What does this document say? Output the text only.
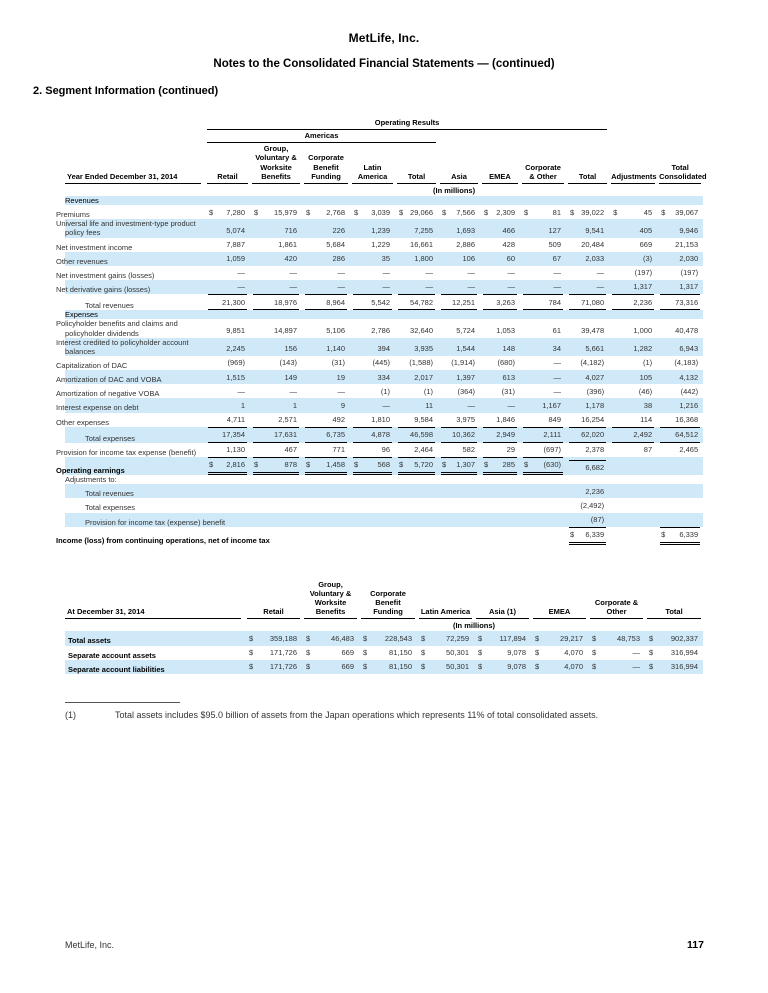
MetLife, Inc.
Notes to the Consolidated Financial Statements — (continued)
2. Segment Information (continued)

	Operating Results										

	Americas										

Year Ended December 31, 2014	Retail	Group, Voluntary & Worksite Benefits	Corporate Benefit Funding	Latin America	Total	Asia	EMEA	Corporate & Other	Total	Adjustments	Total Consolidated

	(In millions)										

Revenues											
Premiums	$ 7,280	$ 15,979	$ 2,768	$ 3,039	$ 29,066	$ 7,566	$ 2,309	$ 81	$ 39,022	$ 45	$ 39,067

Universal life and investment-type product policy fees	5,074	716	226	1,239	7,255	1,693	466	127	9,541	405	9,946

Net investment income	7,887	1,861	5,684	1,229	16,661	2,886	428	509	20,484	669	21,153

Other revenues	1,059	420	286	35	1,800	106	60	67	2,033	(3)	2,030

Net investment gains (losses)	—	—	—	—	—	—	—	—	—	(197)	(197)

Net derivative gains (losses)	—	—	—	—	—	—	—	—	—	1,317	1,317

Total revenues	21,300	18,976	8,964	5,542	54,782	12,251	3,263	784	71,080	2,236	73,316

Expenses											
Policyholder benefits and claims and policyholder dividends	9,851	14,897	5,106	2,786	32,640	5,724	1,053	61	39,478	1,000	40,478

Interest credited to policyholder account balances	2,245	156	1,140	394	3,935	1,544	148	34	5,661	1,282	6,943

Capitalization of DAC	(969)	(143)	(31)	(445)	(1,588)	(1,914)	(680)	—	(4,182)	(1)	(4,183)

Amortization of DAC and VOBA	1,515	149	19	334	2,017	1,397	613	—	4,027	105	4,132

Amortization of negative VOBA	—	—	—	(1)	(1)	(364)	(31)	—	(396)	(46)	(442)

Interest expense on debt	1	1	9	—	11	—	—	1,167	1,178	38	1,216

Other expenses	4,711	2,571	492	1,810	9,584	3,975	1,846	849	16,254	114	16,368

Total expenses	17,354	17,631	6,735	4,878	46,598	10,362	2,949	2,111	62,020	2,492	64,512

Provision for income tax expense (benefit)	1,130	467	771	96	2,464	582	29	(697)	2,378	87	2,465

Operating earnings	$ 2,816	$ 878	$ 1,458	$ 568	$ 5,720	$ 1,307	$ 285	$ (630)	6,682		

Adjustments to:											
Total revenues									2,236		

Total expenses									(2,492)		

Provision for income tax (expense) benefit									(87)		

Income (loss) from continuing operations, net of income tax									$ 6,339		$ 6,339
At December 31, 2014	Retail	Group, Voluntary & Worksite Benefits	Corporate Benefit Funding	Latin America	Asia (1)	EMEA	Corporate & Other	Total

	(In millions)							

Total assets	$ 359,188	$ 46,483	$ 228,543	$ 72,259	$ 117,894	$ 29,217	$ 48,753	$ 902,337

Separate account assets	$ 171,726	$ 669	$ 81,150	$ 50,301	$ 9,078	$ 4,070	$ —	$ 316,994

Separate account liabilities	$ 171,726	$ 669	$ 81,150	$ 50,301	$ 9,078	$ 4,070	$ —	$ 316,994
(1)	Total assets includes $95.0 billion of assets from the Japan operations which represents 11% of total consolidated assets.
MetLife, Inc.	117
